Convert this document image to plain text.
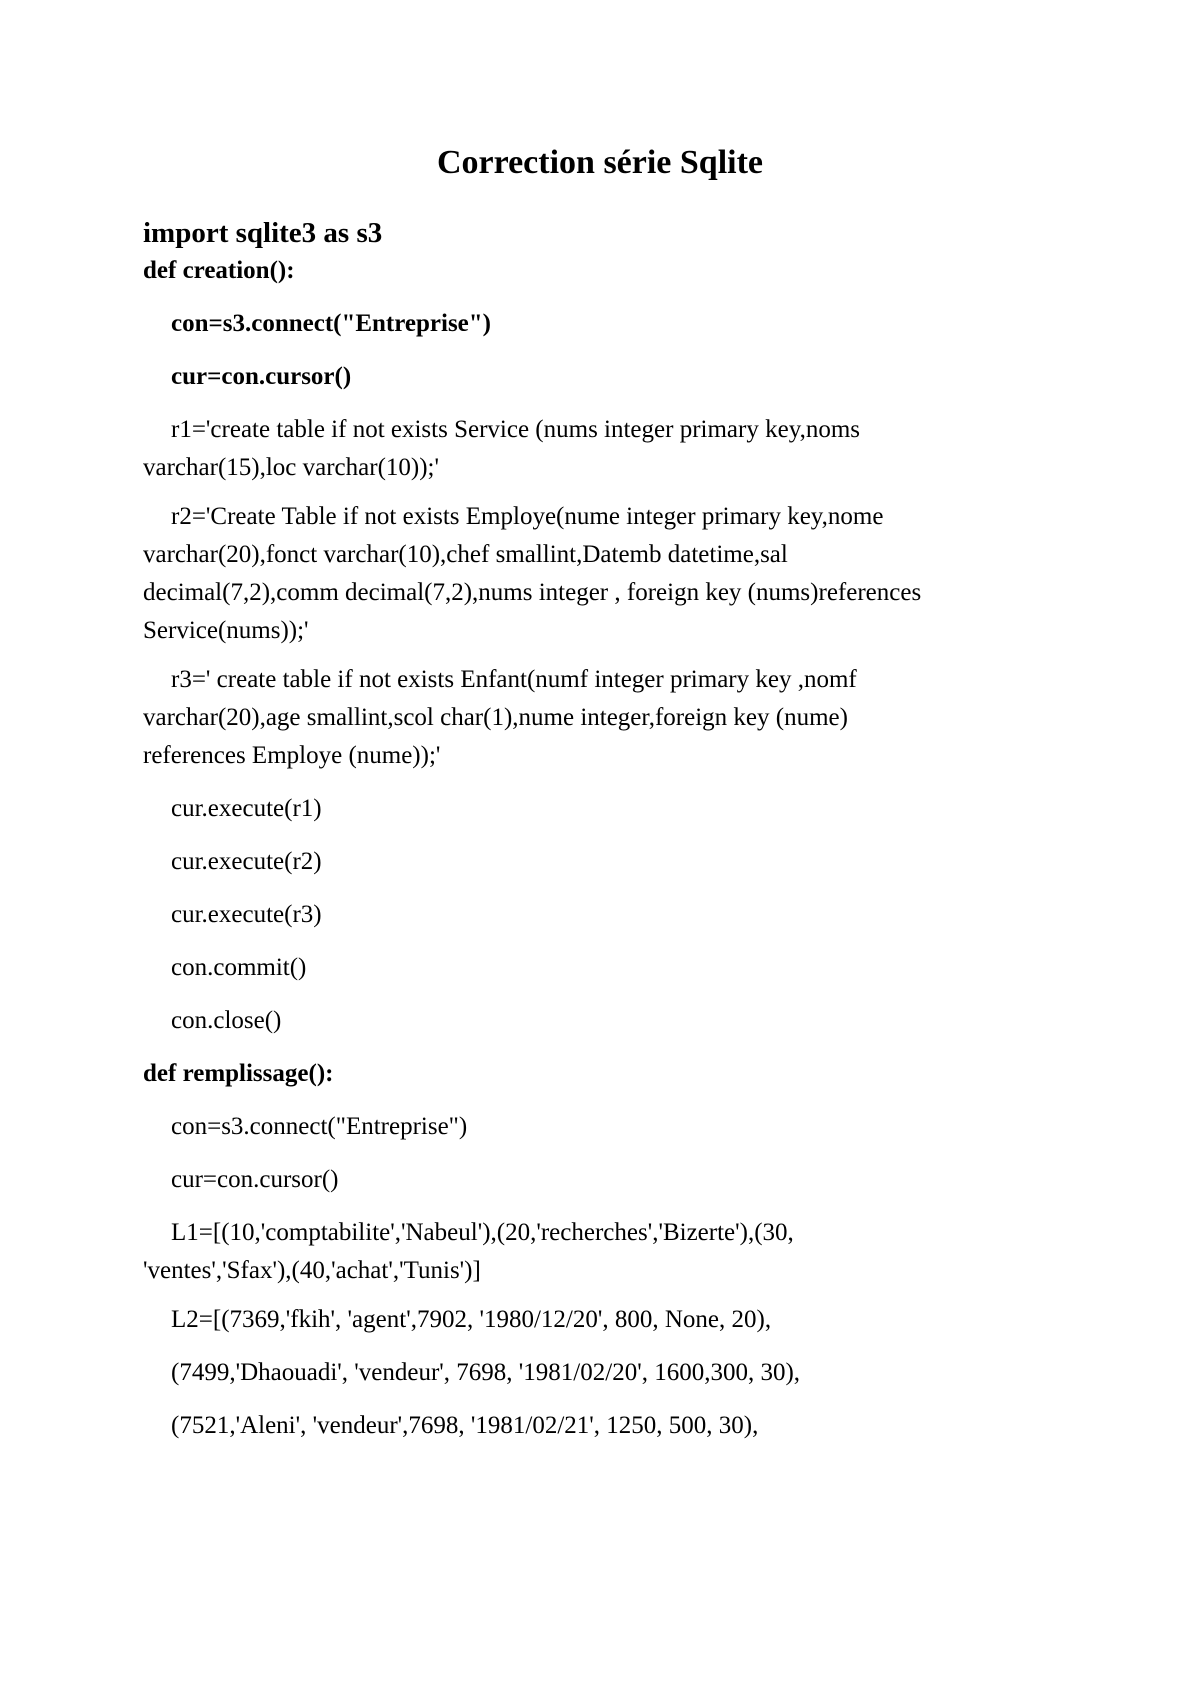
Correction série Sqlite
import sqlite3 as s3
def creation():
con=s3.connect("Entreprise")
cur=con.cursor()
r1='create table if not exists Service (nums integer primary key,noms
varchar(15),loc varchar(10));'
r2='Create Table if not exists Employe(nume integer primary key,nome
varchar(20),fonct varchar(10),chef smallint,Datemb datetime,sal
decimal(7,2),comm decimal(7,2),nums integer , foreign key (nums)references
Service(nums));'
r3=' create table if not exists Enfant(numf integer primary key ,nomf
varchar(20),age smallint,scol char(1),nume integer,foreign key (nume)
references Employe (nume));'
cur.execute(r1)
cur.execute(r2)
cur.execute(r3)
con.commit()
con.close()
def remplissage():
con=s3.connect("Entreprise")
cur=con.cursor()
L1=[(10,'comptabilite','Nabeul'),(20,'recherches','Bizerte'),(30,
'ventes','Sfax'),(40,'achat','Tunis')]
L2=[(7369,'fkih', 'agent',7902, '1980/12/20', 800, None, 20),
(7499,'Dhaouadi', 'vendeur', 7698, '1981/02/20', 1600,300, 30),
(7521,'Aleni', 'vendeur',7698, '1981/02/21', 1250, 500, 30),
